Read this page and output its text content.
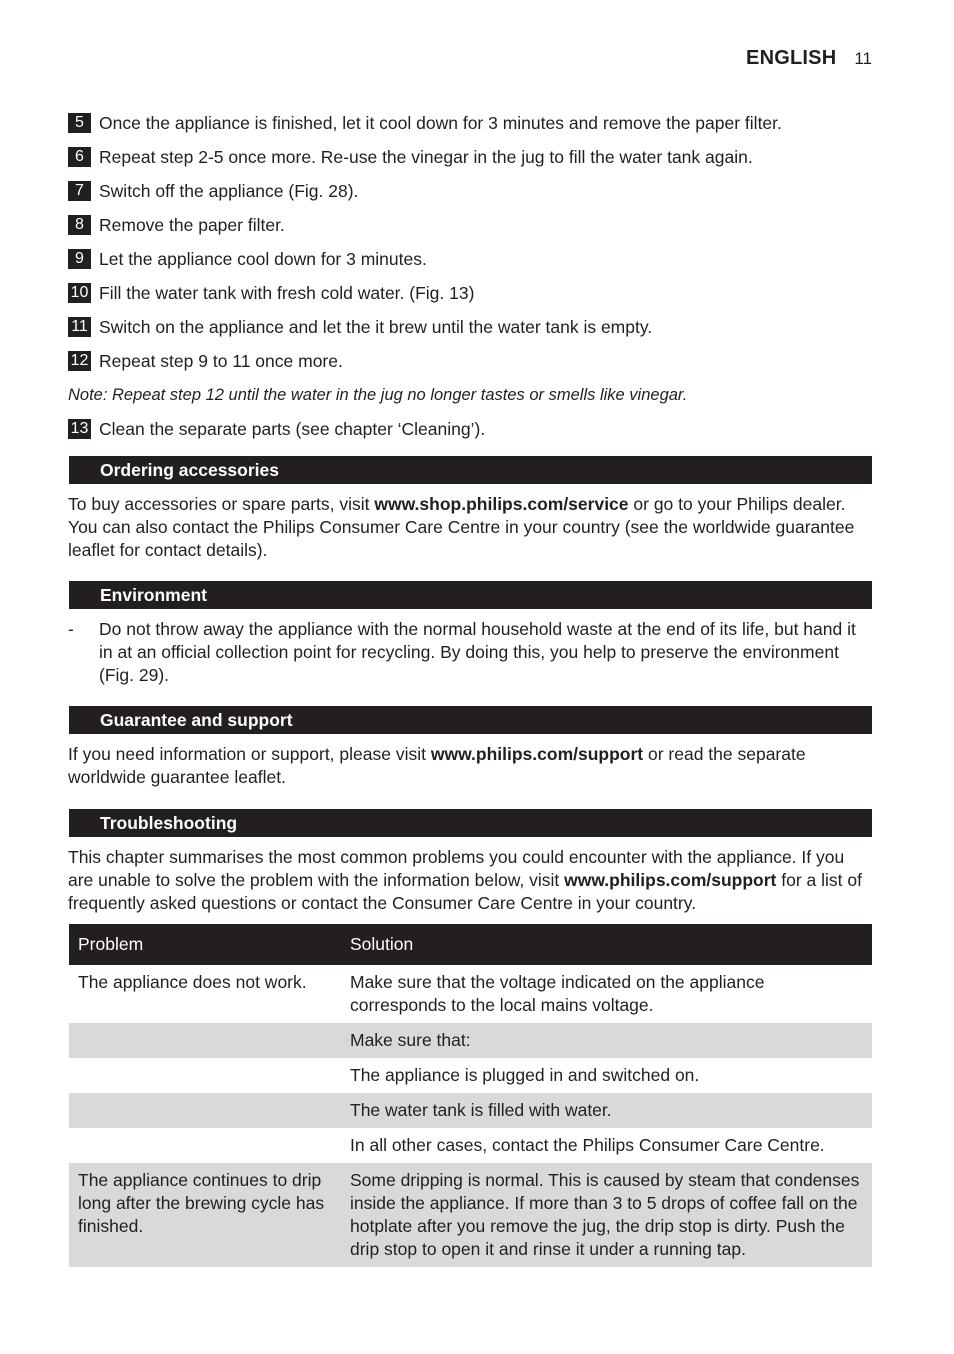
ENGLISH 11
5 Once the appliance is finished, let it cool down for 3 minutes and remove the paper filter.
6 Repeat step 2-5 once more. Re-use the vinegar in the jug to fill the water tank again.
7 Switch off the appliance (Fig. 28).
8 Remove the paper filter.
9 Let the appliance cool down for 3 minutes.
10 Fill the water tank with fresh cold water. (Fig. 13)
11 Switch on the appliance and let the it brew until the water tank is empty.
12 Repeat step 9 to 11 once more.
Note: Repeat step 12 until the water in the jug no longer tastes or smells like vinegar.
13 Clean the separate parts (see chapter ‘Cleaning’).
Ordering accessories
To buy accessories or spare parts, visit www.shop.philips.com/service or go to your Philips dealer. You can also contact the Philips Consumer Care Centre in your country (see the worldwide guarantee leaflet for contact details).
Environment
- Do not throw away the appliance with the normal household waste at the end of its life, but hand it in at an official collection point for recycling. By doing this, you help to preserve the environment (Fig. 29).
Guarantee and support
If you need information or support, please visit www.philips.com/support or read the separate worldwide guarantee leaflet.
Troubleshooting
This chapter summarises the most common problems you could encounter with the appliance. If you are unable to solve the problem with the information below, visit www.philips.com/support for a list of frequently asked questions or contact the Consumer Care Centre in your country.
Problem	Solution
The appliance does not work.	Make sure that the voltage indicated on the appliance corresponds to the local mains voltage.
	Make sure that:
	The appliance is plugged in and switched on.
	The water tank is filled with water.
	In all other cases, contact the Philips Consumer Care Centre.
The appliance continues to drip long after the brewing cycle has finished.	Some dripping is normal. This is caused by steam that condenses inside the appliance. If more than 3 to 5 drops of coffee fall on the hotplate after you remove the jug, the drip stop is dirty. Push the drip stop to open it and rinse it under a running tap.
